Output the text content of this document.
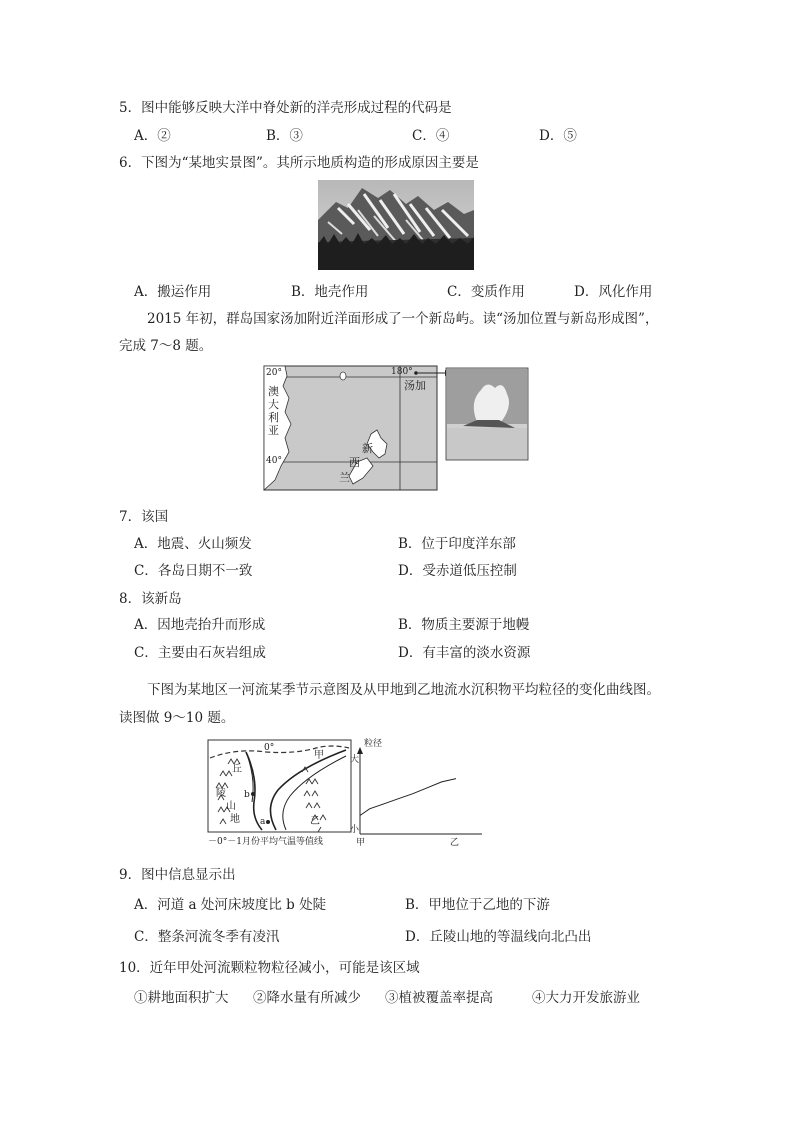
5．图中能够反映大洋中脊处新的洋壳形成过程的代码是
A．②	B．③	C．④	D．⑤
6．下图为“某地实景图”。其所示地质构造的形成原因主要是
A．搬运作用	B．地壳作用	C．变质作用	D．风化作用
2015 年初，群岛国家汤加附近洋面形成了一个新岛屿。读“汤加位置与新岛形成图”，
完成 7～8 题。
20°
40°
180°
澳
大
利
亚
新
西
兰
汤加
7．该国
A．地震、火山频发	B．位于印度洋东部
C．各岛日期不一致	D．受赤道低压控制
8．该新岛
A．因地壳抬升而形成	B．物质主要源于地幔
C．主要由石灰岩组成	D．有丰富的淡水资源
下图为某地区一河流某季节示意图及从甲地到乙地流水沉积物平均粒径的变化曲线图。
读图做 9～10 题。
0°
甲
丘
陵
山
地
b
a	乙
－0°－1月份平均气温等值线
粒径
大
小
甲	乙
9．图中信息显示出
A．河道 a 处河床坡度比 b 处陡	B．甲地位于乙地的下游
C．整条河流冬季有凌汛	D．丘陵山地的等温线向北凸出
10．近年甲处河流颗粒物粒径减小，可能是该区域
①耕地面积扩大 ②降水量有所减少 ③植被覆盖率提高	④大力开发旅游业
